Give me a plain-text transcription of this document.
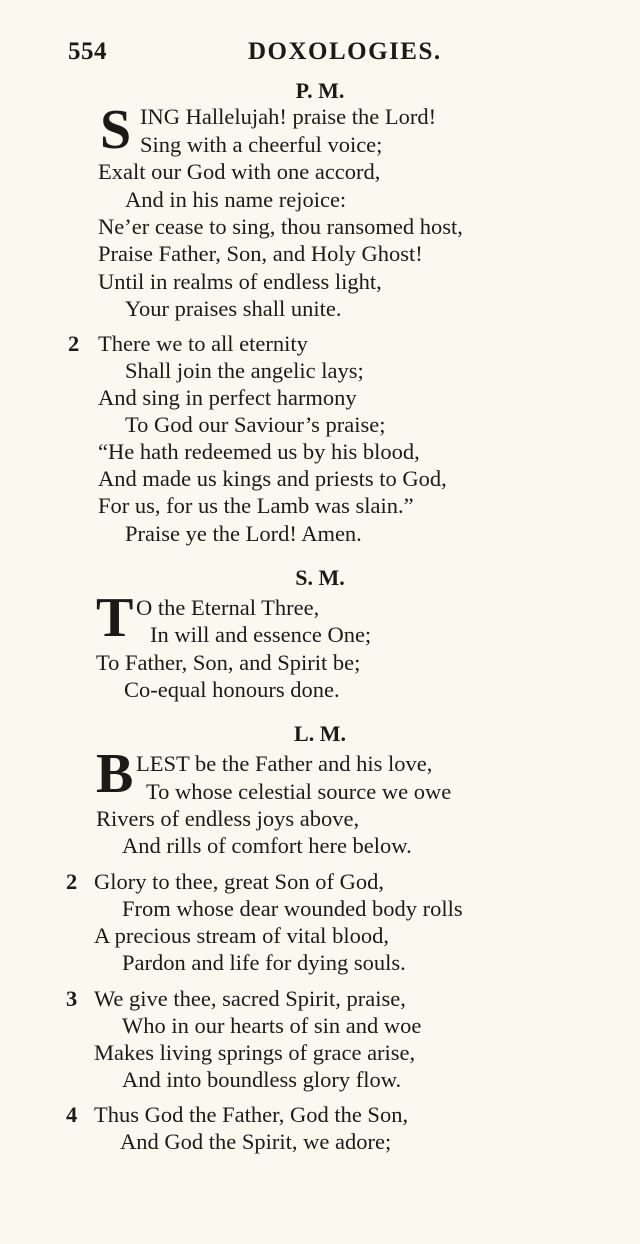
554	DOXOLOGIES.
P. M.
S ING Hallelujah! praise the Lord!
Sing with a cheerful voice;
Exalt our God with one accord,
And in his name rejoice:
Ne’er cease to sing, thou ransomed host,
Praise Father, Son, and Holy Ghost!
Until in realms of endless light,
Your praises shall unite.
2 There we to all eternity
Shall join the angelic lays;
And sing in perfect harmony
To God our Saviour’s praise;
“He hath redeemed us by his blood,
And made us kings and priests to God,
For us, for us the Lamb was slain.”
Praise ye the Lord! Amen.
S. M.
T O the Eternal Three,
In will and essence One;
To Father, Son, and Spirit be;
Co-equal honours done.
L. M.
B LEST be the Father and his love,
To whose celestial source we owe
Rivers of endless joys above,
And rills of comfort here below.
2 Glory to thee, great Son of God,
From whose dear wounded body rolls
A precious stream of vital blood,
Pardon and life for dying souls.
3 We give thee, sacred Spirit, praise,
Who in our hearts of sin and woe
Makes living springs of grace arise,
And into boundless glory flow.
4 Thus God the Father, God the Son,
And God the Spirit, we adore;
